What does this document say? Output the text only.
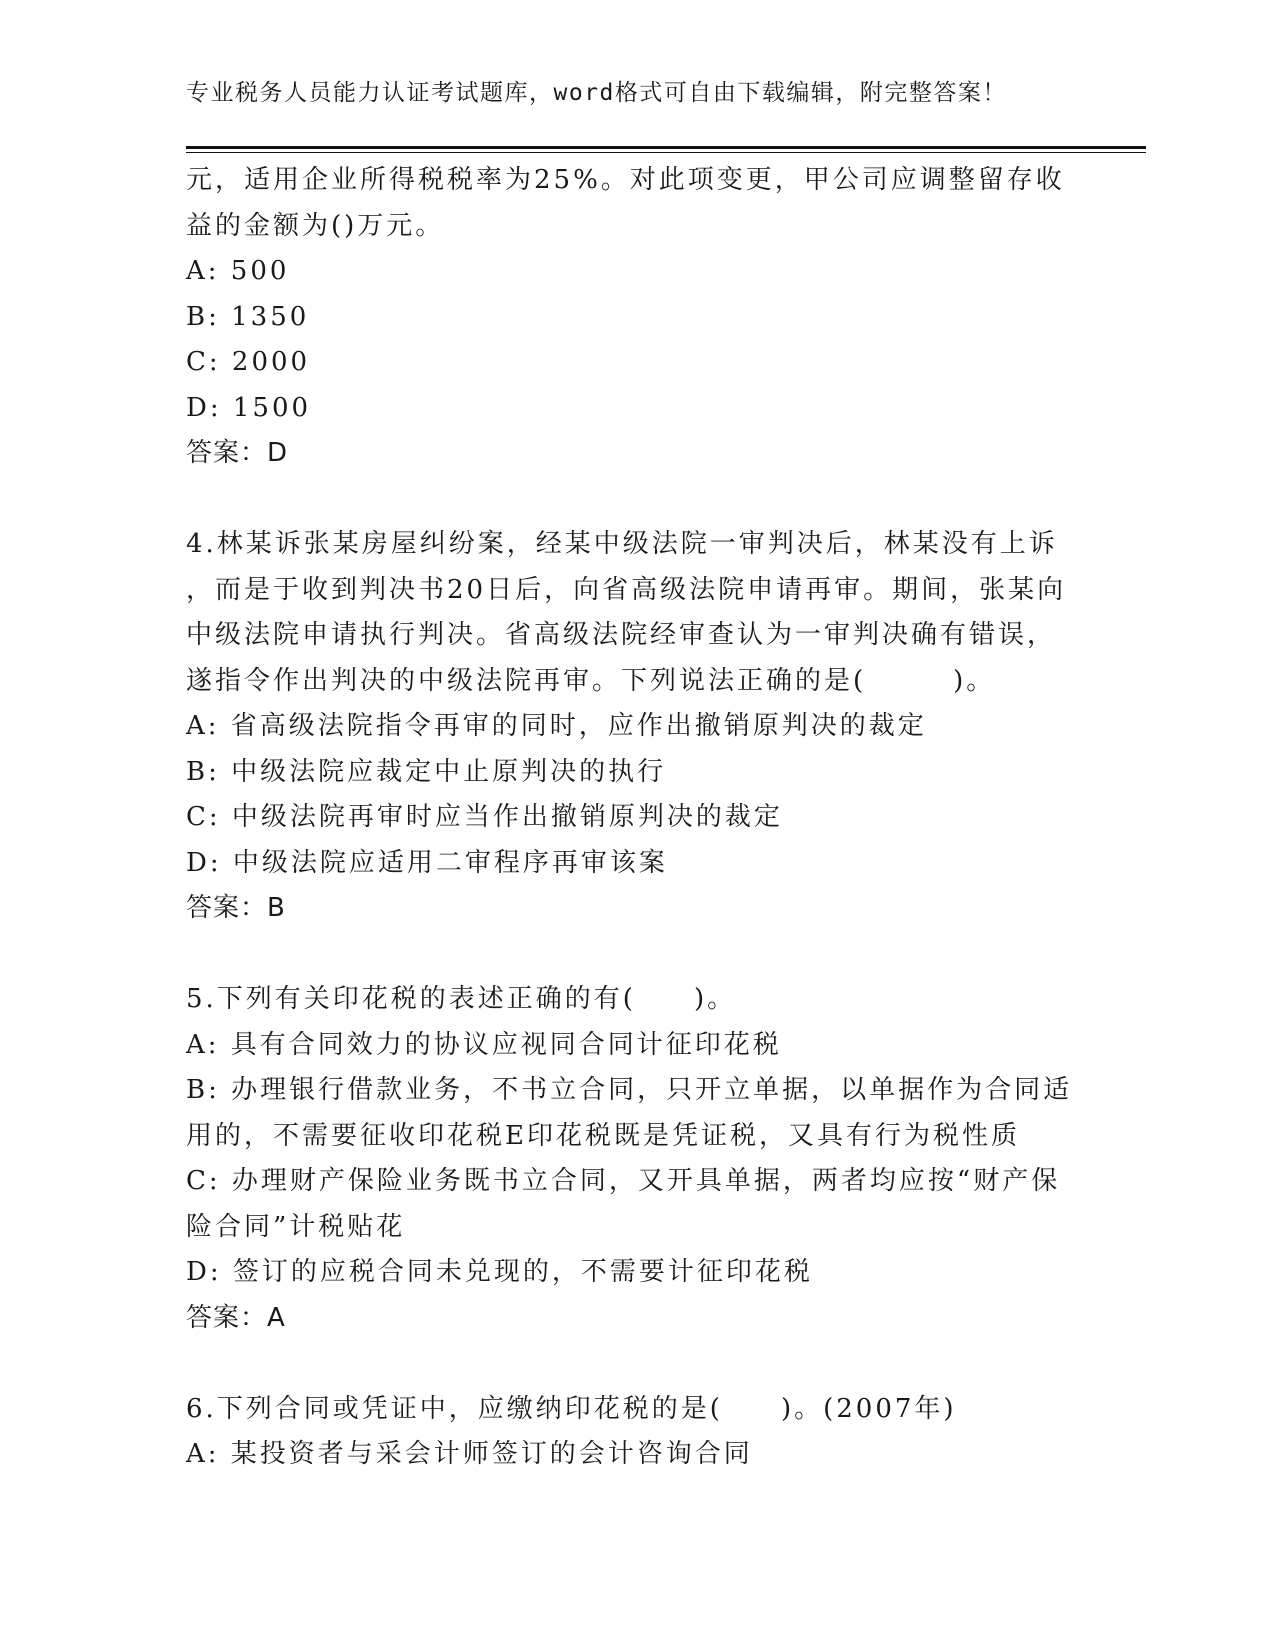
专业税务人员能力认证考试题库，word格式可自由下载编辑，附完整答案！
元，适用企业所得税税率为25%。对此项变更，甲公司应调整留存收
益的金额为()万元。
A: 500
B: 1350
C: 2000
D: 1500
答案：D
4.林某诉张某房屋纠纷案，经某中级法院一审判决后，林某没有上诉
，而是于收到判决书20日后，向省高级法院申请再审。期间，张某向
中级法院申请执行判决。省高级法院经审查认为一审判决确有错误，
遂指令作出判决的中级法院再审。下列说法正确的是(　　　)。
A: 省高级法院指令再审的同时，应作出撤销原判决的裁定
B: 中级法院应裁定中止原判决的执行
C: 中级法院再审时应当作出撤销原判决的裁定
D: 中级法院应适用二审程序再审该案
答案：B
5.下列有关印花税的表述正确的有(　　)。
A: 具有合同效力的协议应视同合同计征印花税
B: 办理银行借款业务，不书立合同，只开立单据，以单据作为合同适
用的，不需要征收印花税E印花税既是凭证税，又具有行为税性质
C: 办理财产保险业务既书立合同，又开具单据，两者均应按“财产保
险合同”计税贴花
D: 签订的应税合同未兑现的，不需要计征印花税
答案：A
6.下列合同或凭证中，应缴纳印花税的是(　　)。(2007年)
A: 某投资者与采会计师签订的会计咨询合同
